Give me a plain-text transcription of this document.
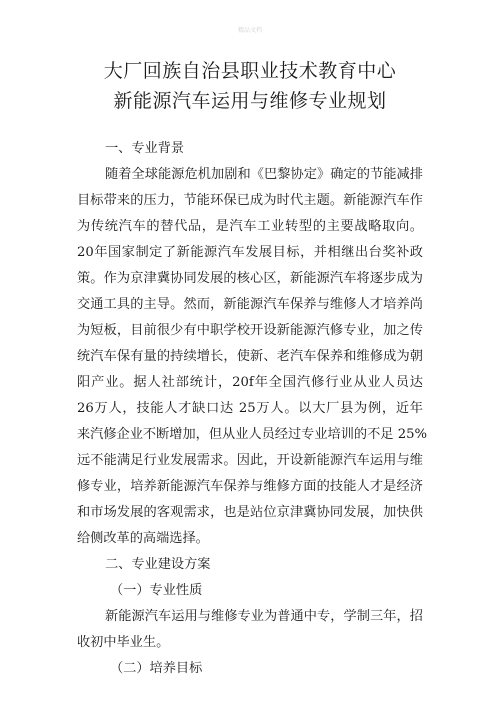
精品文档
大厂回族自治县职业技术教育中心
新能源汽车运用与维修专业规划
一、专业背景
随着全球能源危机加剧和《巴黎协定》确定的节能减排
目标带来的压力，节能环保已成为时代主题。新能源汽车作
为传统汽车的替代品，是汽车工业转型的主要战略取向。
20年国家制定了新能源汽车发展目标，并相继出台奖补政
策。作为京津冀协同发展的核心区，新能源汽车将逐步成为
交通工具的主导。然而，新能源汽车保养与维修人才培养尚
为短板，目前很少有中职学校开设新能源汽修专业，加之传
统汽车保有量的持续增长，使新、老汽车保养和维修成为朝
阳产业。据人社部统计，20f年全国汽修行业从业人员达
26万人，技能人才缺口达 25万人。以大厂县为例，近年
来汽修企业不断增加，但从业人员经过专业培训的不足 25%
远不能满足行业发展需求。因此，开设新能源汽车运用与维
修专业，培养新能源汽车保养与维修方面的技能人才是经济
和市场发展的客观需求，也是站位京津冀协同发展，加快供
给侧改革的高端选择。
二、专业建设方案
（一）专业性质
新能源汽车运用与维修专业为普通中专，学制三年，招
收初中毕业生。
（二）培养目标
